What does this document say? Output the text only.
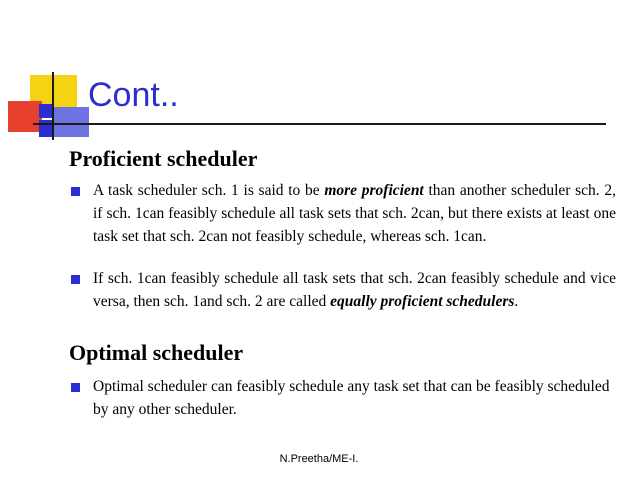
Cont..
Proficient scheduler
A task scheduler sch. 1 is said to be more proficient than another scheduler sch. 2, if sch. 1can feasibly schedule all task sets that sch. 2can, but there exists at least one task set that sch. 2can not feasibly schedule, whereas sch. 1can.
If sch. 1can feasibly schedule all task sets that sch. 2can feasibly schedule and vice versa, then sch. 1and sch. 2 are called equally proficient schedulers.
Optimal scheduler
Optimal scheduler can feasibly schedule any task set that can be feasibly scheduled by any other scheduler.
N.Preetha/ME-I.
